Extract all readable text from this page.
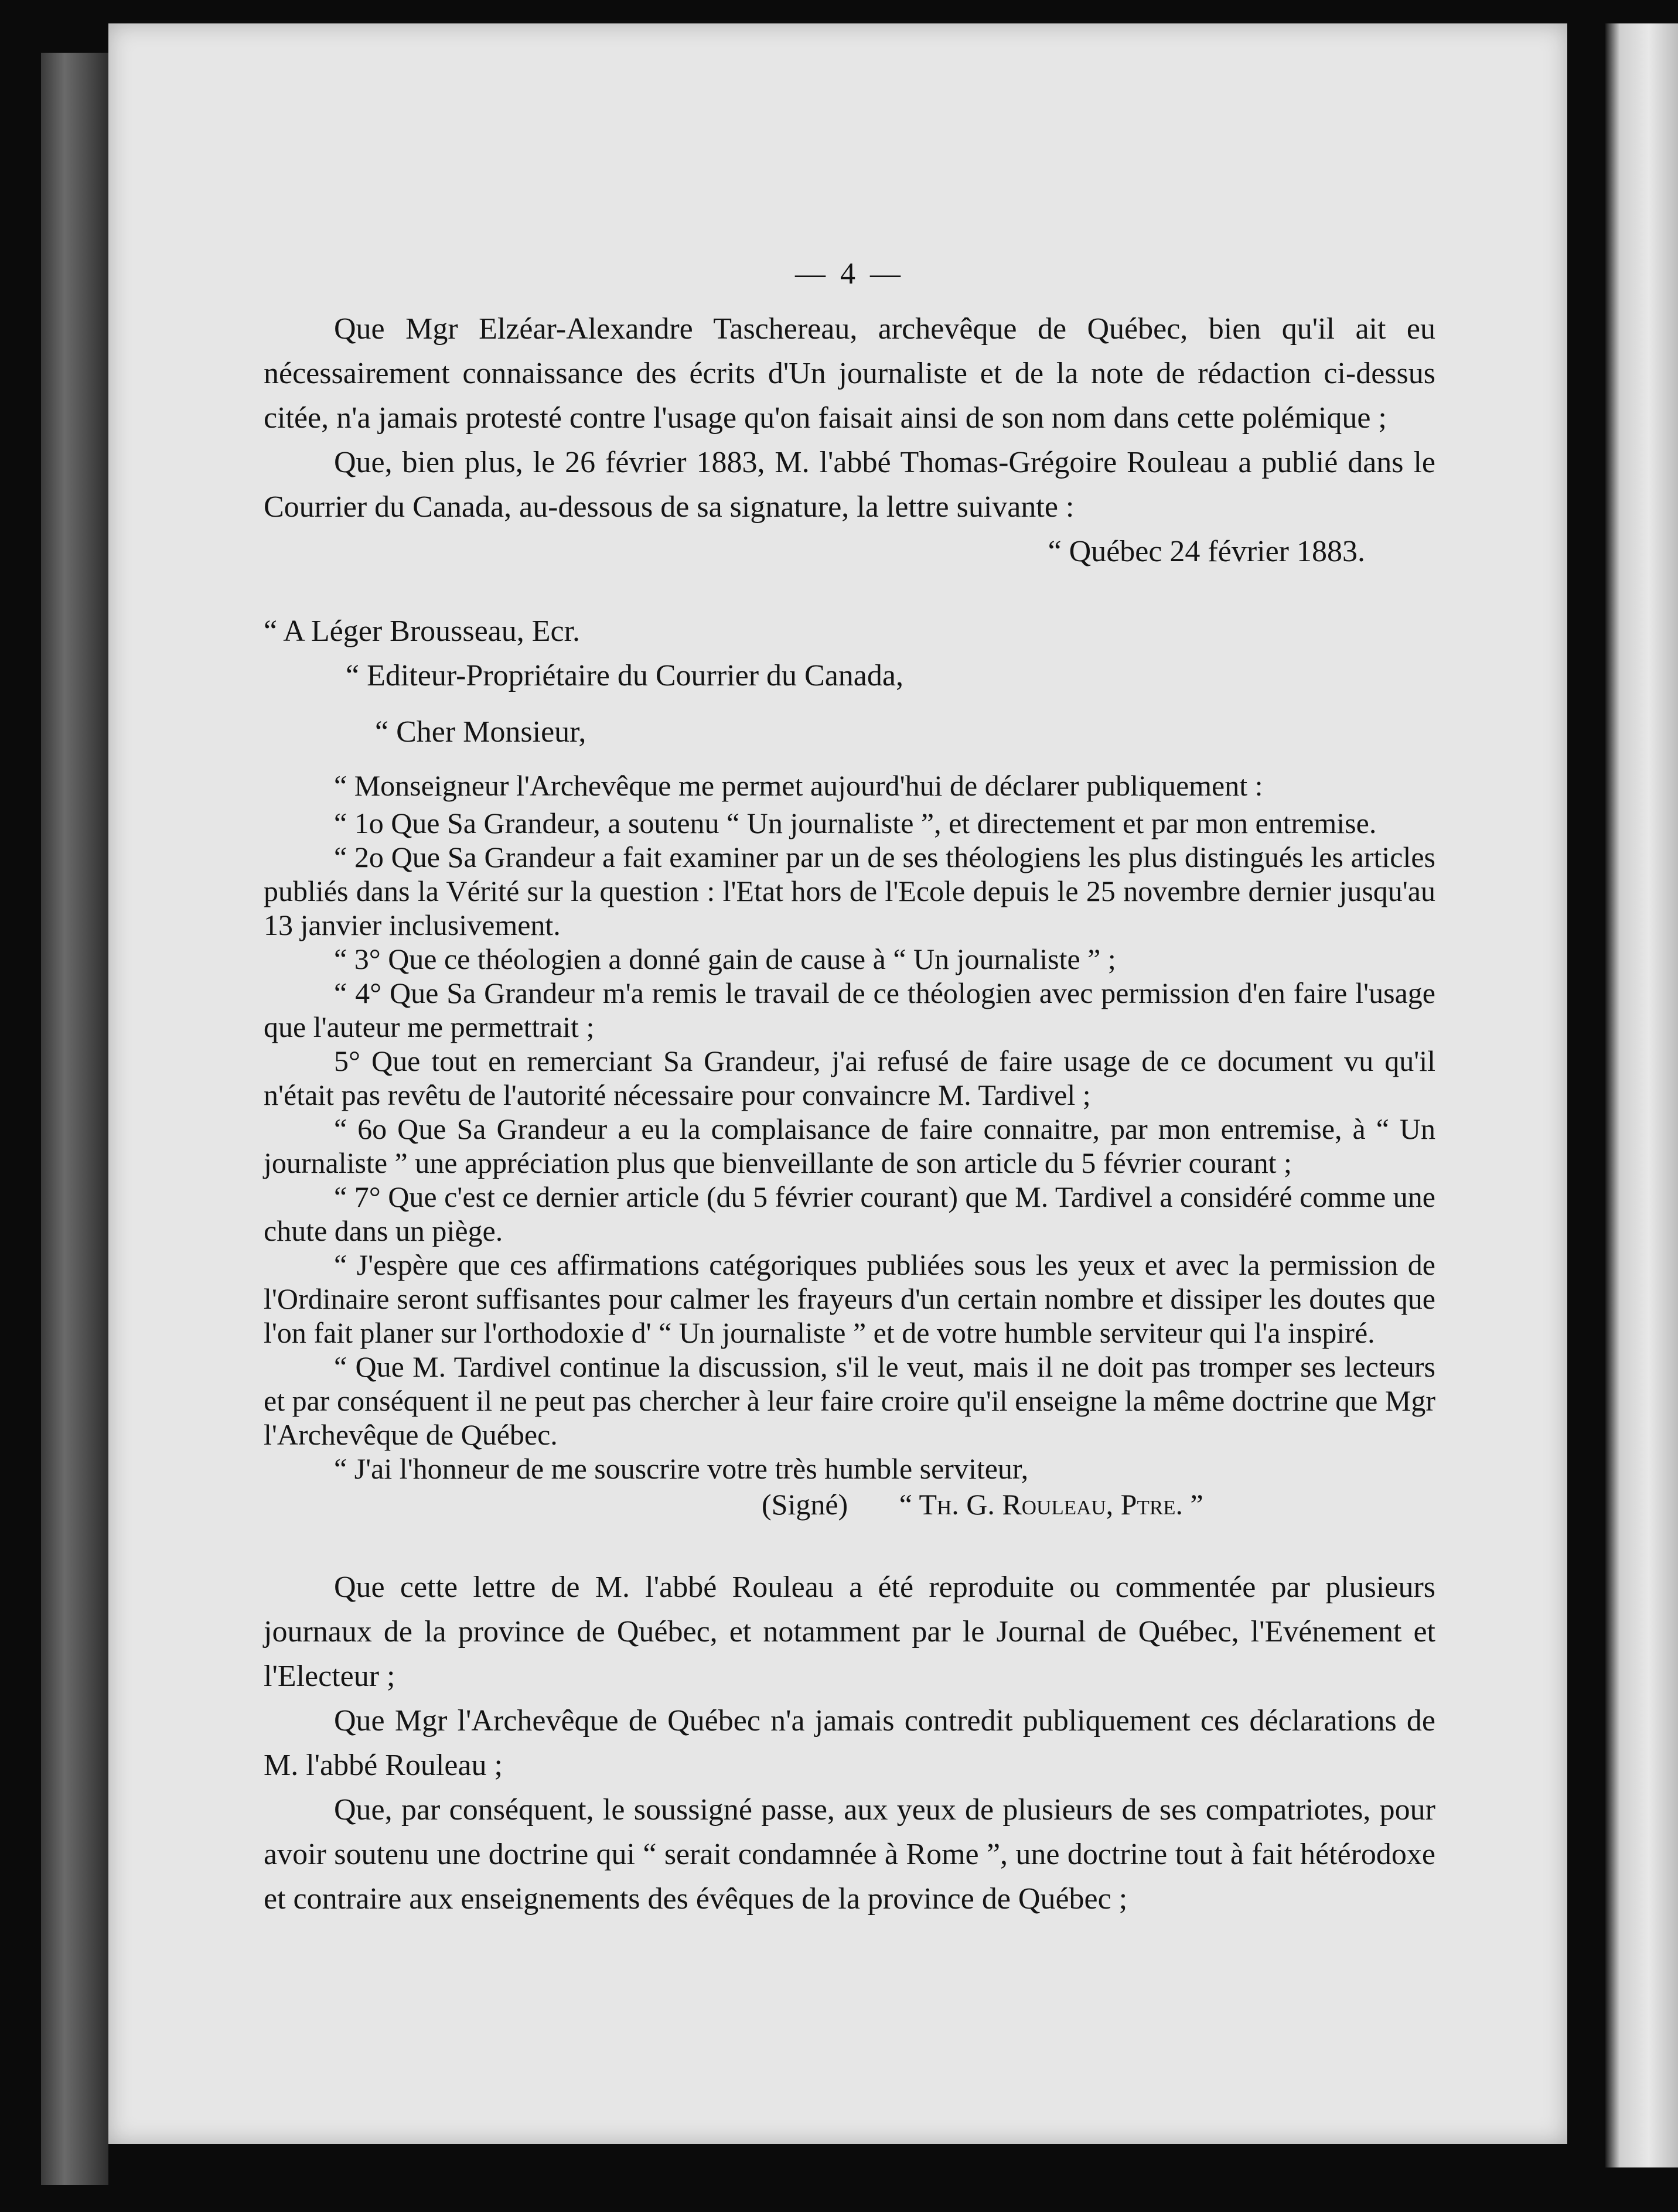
— 4 —

Que Mgr Elzéar-Alexandre Taschereau, archevêque de Québec, bien qu'il ait eu nécessairement connaissance des écrits d'Un journaliste et de la note de rédaction ci-dessus citée, n'a jamais protesté contre l'usage qu'on faisait ainsi de son nom dans cette polémique ;

Que, bien plus, le 26 février 1883, M. l'abbé Thomas-Grégoire Rouleau a publié dans le Courrier du Canada, au-dessous de sa signature, la lettre suivante :

“ Québec 24 février 1883.

“ A Léger Brousseau, Ecr.

“ Editeur-Propriétaire du Courrier du Canada,

“ Cher Monsieur,

“ Monseigneur l'Archevêque me permet aujourd'hui de déclarer publiquement :

“ 1o Que Sa Grandeur, a soutenu “ Un journaliste ”, et directement et par mon entremise.

“ 2o Que Sa Grandeur a fait examiner par un de ses théologiens les plus distingués les articles publiés dans la Vérité sur la question : l'Etat hors de l'Ecole depuis le 25 novembre dernier jusqu'au 13 janvier inclusivement.

“ 3° Que ce théologien a donné gain de cause à “ Un journaliste ” ;

“ 4° Que Sa Grandeur m'a remis le travail de ce théologien avec permission d'en faire l'usage que l'auteur me permettrait ;

5° Que tout en remerciant Sa Grandeur, j'ai refusé de faire usage de ce document vu qu'il n'était pas revêtu de l'autorité nécessaire pour convaincre M. Tardivel ;

“ 6o Que Sa Grandeur a eu la complaisance de faire connaitre, par mon entremise, à “ Un journaliste ” une appréciation plus que bienveillante de son article du 5 février courant ;

“ 7° Que c'est ce dernier article (du 5 février courant) que M. Tardivel a considéré comme une chute dans un piège.

“ J'espère que ces affirmations catégoriques publiées sous les yeux et avec la permission de l'Ordinaire seront suffisantes pour calmer les frayeurs d'un certain nombre et dissiper les doutes que l'on fait planer sur l'orthodoxie d' “ Un journaliste ” et de votre humble serviteur qui l'a inspiré.

“ Que M. Tardivel continue la discussion, s'il le veut, mais il ne doit pas tromper ses lecteurs et par conséquent il ne peut pas chercher à leur faire croire qu'il enseigne la même doctrine que Mgr l'Archevêque de Québec.

“ J'ai l'honneur de me souscrire votre très humble serviteur,

(Signé) “ Th. G. Rouleau, Ptre. ”

Que cette lettre de M. l'abbé Rouleau a été reproduite ou commentée par plusieurs journaux de la province de Québec, et notamment par le Journal de Québec, l'Evénement et l'Electeur ;

Que Mgr l'Archevêque de Québec n'a jamais contredit publiquement ces déclarations de M. l'abbé Rouleau ;

Que, par conséquent, le soussigné passe, aux yeux de plusieurs de ses compatriotes, pour avoir soutenu une doctrine qui “ serait condamnée à Rome ”, une doctrine tout à fait hétérodoxe et contraire aux enseignements des évêques de la province de Québec ;
